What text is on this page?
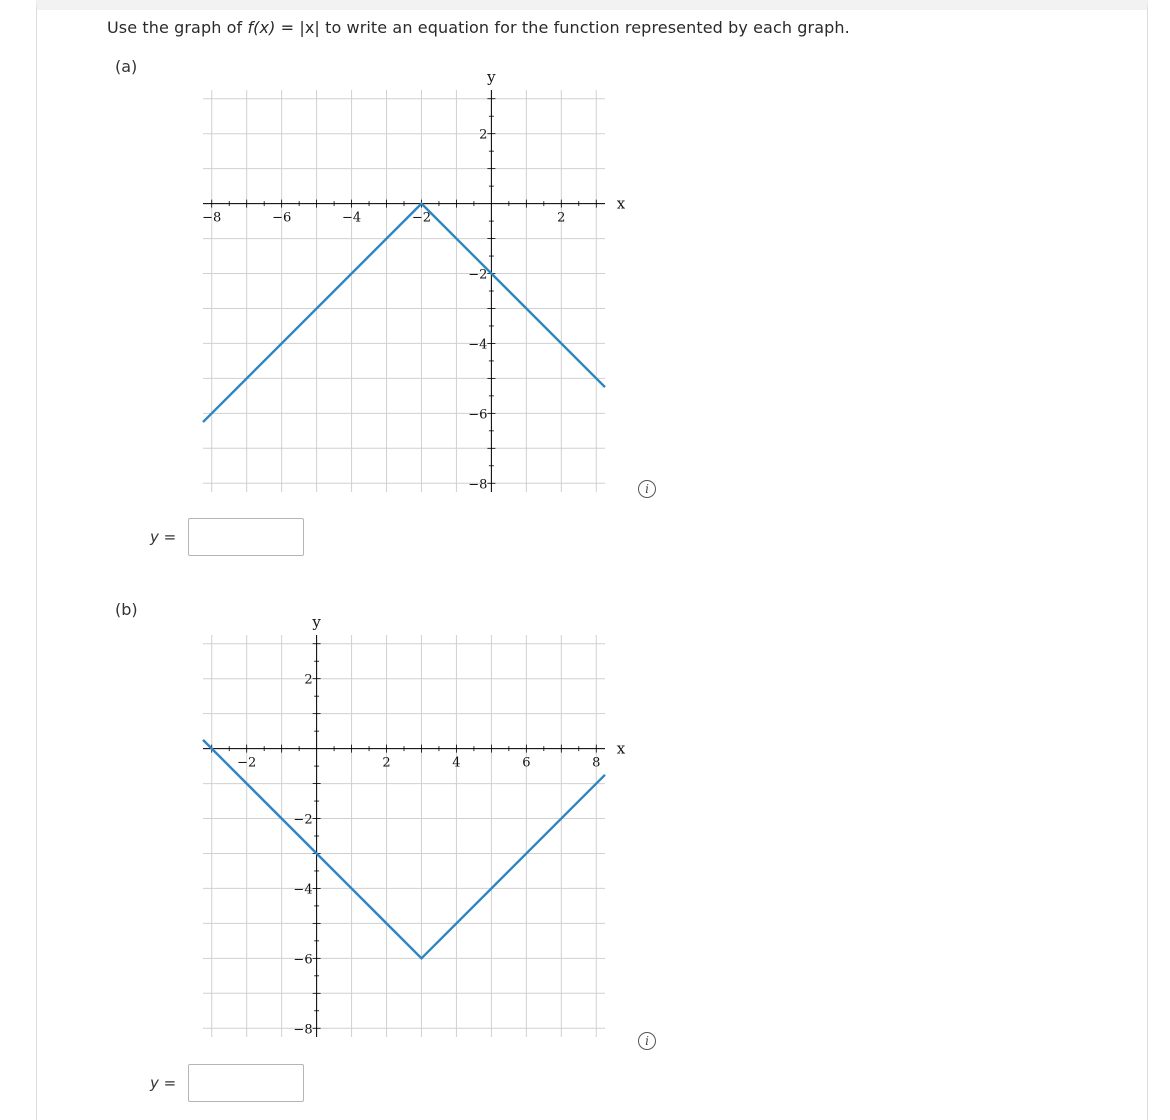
Use the graph of f(x) = |x| to write an equation for the function represented by each graph.
(a)
−8	−6	−4	−2	2
2
−2
−4
−6
−8
x
y
i
y =
(b)
−2	2	4	6	8
2
−2
−4
−6
−8
x
y
i
y =
